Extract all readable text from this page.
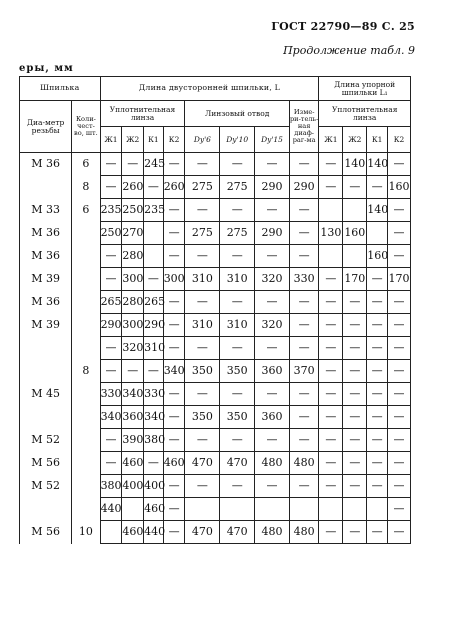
ГОСТ 22790—89 С. 25
Продолжение табл. 9
еры, мм
Шпилька		Длина двусторонней шпильки, L								Длина упорной шпильки L₁			
Диа-метр резьбы	Коли-чест-во, шт.	Уплотнительная линза				Линзовый отвод			Изме-ри-тель-ная диаф-раг-ма	Уплотнительная линза			
		Ж1	Ж2	К1	К2	Dy'6	Dy'10	Dy'15		Ж1	Ж2	К1	К2
М 36	6	—	—	245	—	—	—	—	—	—	140	140	—
	8	—	260	—	260	275	275	290	290	—	—	—	160
М 33	6	235	250	235	—	—	—	—	—			140	—
М 36		250	270		—	275	275	290	—	130	160		—
М 36		—	280		—	—	—	—	—			160	—
М 39		—	300	—	300	310	310	320	330	—	170	—	170
М 36		265	280	265	—	—	—	—	—	—	—	—	—
М 39		290	300	290	—	310	310	320	—	—	—	—	—
		—	320	310	—	—	—	—	—	—	—	—	—
	8	—	—	—	340	350	350	360	370	—	—	—	—
М 45		330	340	330	—	—	—	—	—	—	—	—	—
		340	360	340	—	350	350	360	—	—	—	—	—
М 52		—	390	380	—	—	—	—	—	—	—	—	—
М 56		—	460	—	460	470	470	480	480	—	—	—	—
М 52		380	400	400	—	—	—	—	—	—	—	—	—
		440		460	—								—
М 56	10		460	440	—	470	470	480	480	—	—	—	—
